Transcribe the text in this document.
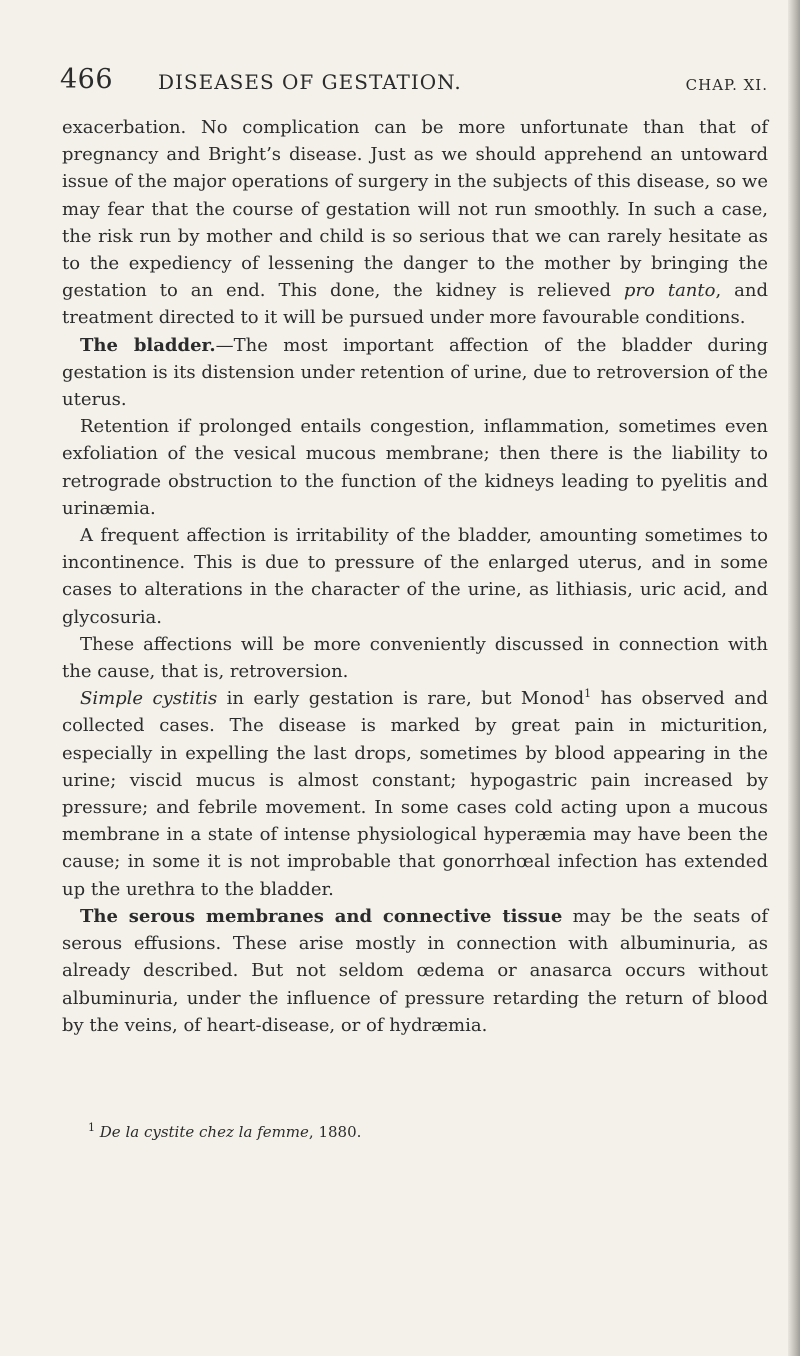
466 DISEASES OF GESTATION.	CHAP. XI.

exacerbation. No complication can be more unfortunate than that of pregnancy and Bright’s disease. Just as we should apprehend an untoward issue of the major operations of surgery in the subjects of this disease, so we may fear that the course of gestation will not run smoothly. In such a case, the risk run by mother and child is so serious that we can rarely hesitate as to the expediency of lessening the danger to the mother by bringing the gestation to an end. This done, the kidney is relieved pro tanto, and treatment directed to it will be pursued under more favourable conditions.

 The bladder.—The most important affection of the bladder during gestation is its distension under retention of urine, due to retroversion of the uterus.

 Retention if prolonged entails congestion, inflammation, sometimes even exfoliation of the vesical mucous membrane; then there is the liability to retrograde obstruction to the function of the kidneys leading to pyelitis and urinæmia.

 A frequent affection is irritability of the bladder, amounting sometimes to incontinence. This is due to pressure of the enlarged uterus, and in some cases to alterations in the character of the urine, as lithiasis, uric acid, and glycosuria.

 These affections will be more conveniently discussed in connection with the cause, that is, retroversion.

 Simple cystitis in early gestation is rare, but Monod$^1$ has observed and collected cases. The disease is marked by great pain in micturition, especially in expelling the last drops, sometimes by blood appearing in the urine; viscid mucus is almost constant; hypogastric pain increased by pressure; and febrile movement. In some cases cold acting upon a mucous membrane in a state of intense physiological hyperæmia may have been the cause; in some it is not improbable that gonorrhœal infection has extended up the urethra to the bladder.

 The serous membranes and connective tissue may be the seats of serous effusions. These arise mostly in connection with albuminuria, as already described. But not seldom œdema or anasarca occurs without albuminuria, under the influence of pressure retarding the return of blood by the veins, of heart-disease, or of hydræmia.

$^1$ De la cystite chez la femme, 1880.
